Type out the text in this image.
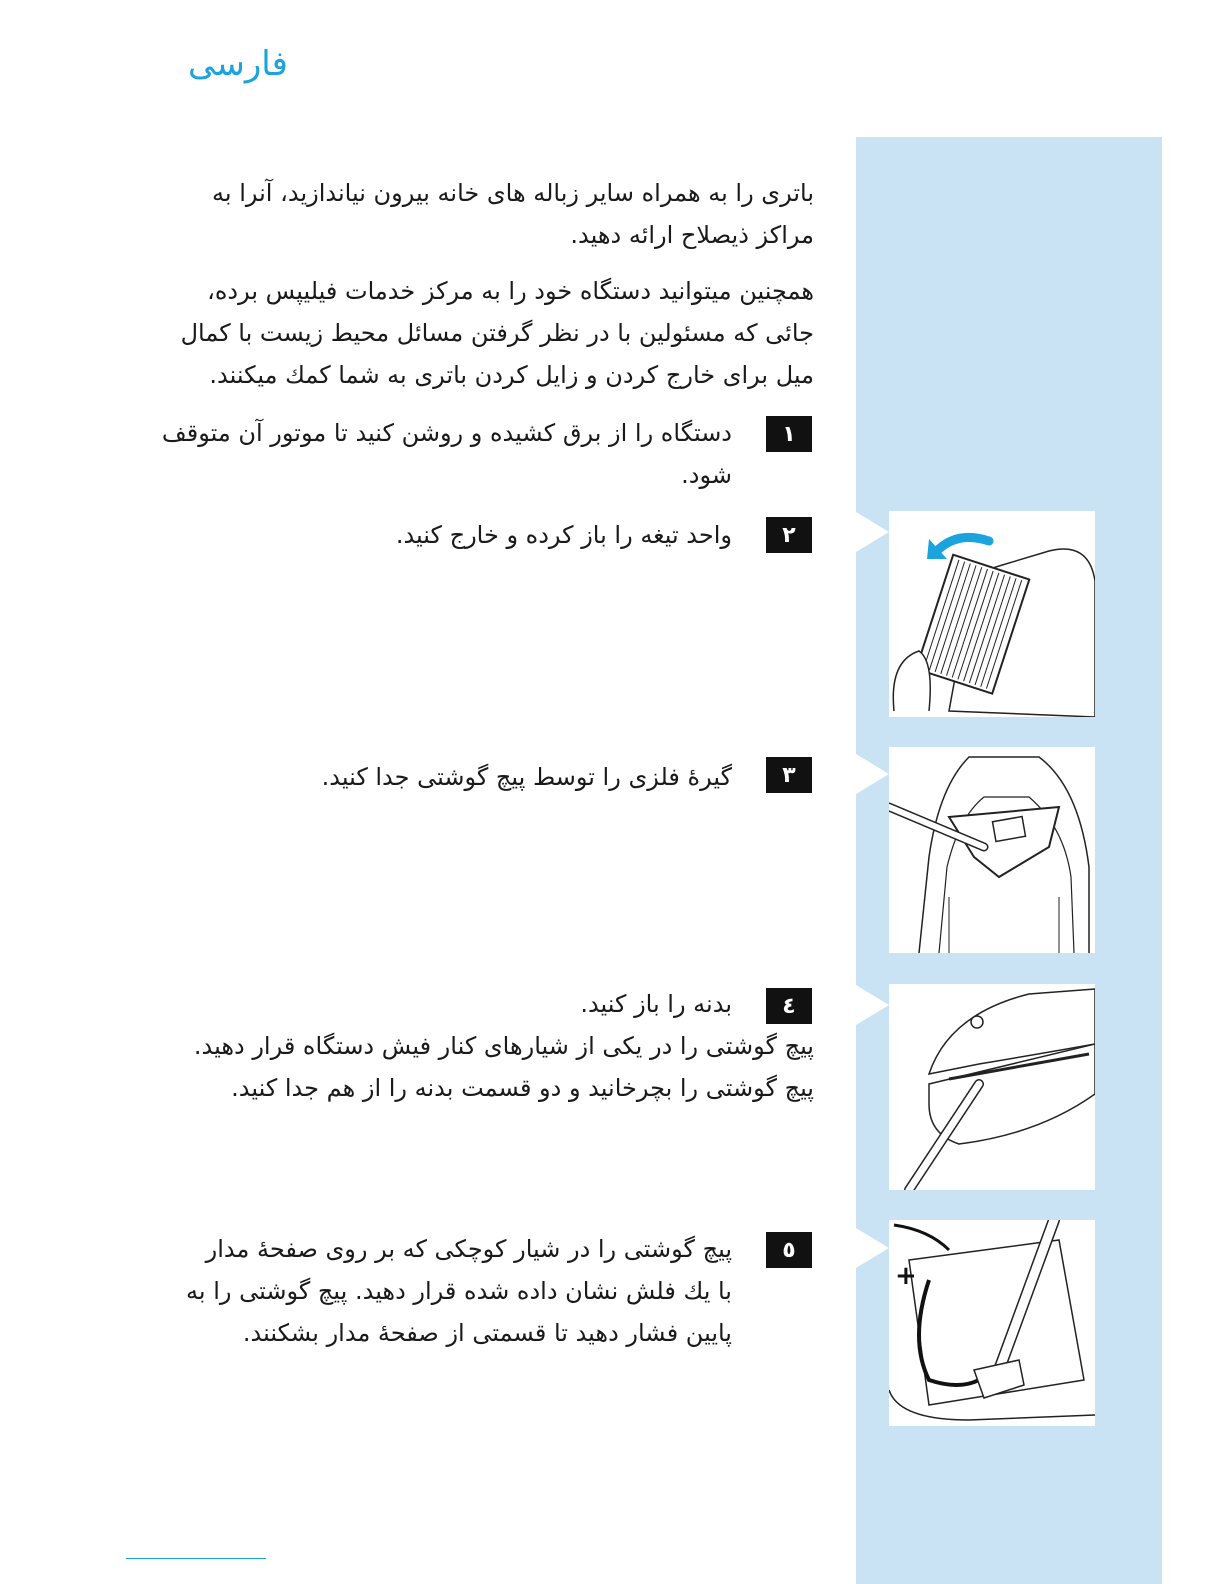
فارسی
باتری را به همراه سایر زباله های خانه بیرون نیاندازید، آنرا به
مراکز ذیصلاح ارائه دهید.
همچنین میتوانید دستگاه خود را به مرکز خدمات فیلیپس برده،
جائی که مسئولین با در نظر گرفتن مسائل محیط زیست با کمال
میل برای خارج کردن و زایل کردن باتری به شما کمك میکنند.
١
دستگاه را از برق کشیده و روشن کنید تا موتور آن متوقف
شود.
٢
واحد تیغه را باز کرده و خارج کنید.
٣
گیرهٔ فلزی را توسط پیچ گوشتی جدا کنید.
٤
بدنه را باز کنید.
پیچ گوشتی را در یکی از شیارهای کنار فیش دستگاه قرار دهید.
پیچ گوشتی را بچرخانید و دو قسمت بدنه را از هم جدا کنید.
٥
پیچ گوشتی را در شیار کوچکی که بر روی صفحهٔ مدار
با یك فلش نشان داده شده قرار دهید. پیچ گوشتی را به
پایین فشار دهید تا قسمتی از صفحهٔ مدار بشکنند.
+
